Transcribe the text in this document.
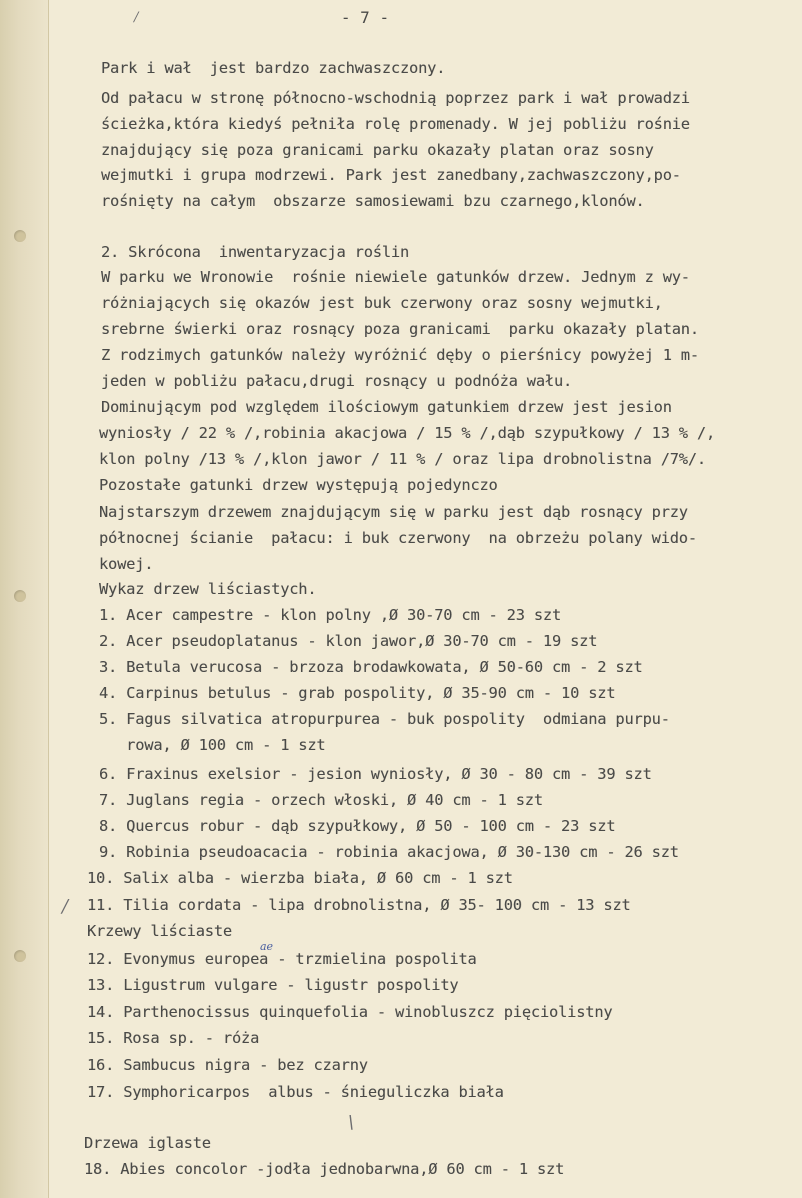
- 7 -
/
/
\
ae
Park i wał  jest bardzo zachwaszczony.
Od pałacu w stronę północno-wschodnią poprzez park i wał prowadzi
ścieżka,która kiedyś pełniła rolę promenady. W jej pobliżu rośnie
znajdujący się poza granicami parku okazały platan oraz sosny
wejmutki i grupa modrzewi. Park jest zanedbany,zachwaszczony,po-
rośnięty na całym  obszarze samosiewami bzu czarnego,klonów.
2. Skrócona  inwentaryzacja roślin
W parku we Wronowie  rośnie niewiele gatunków drzew. Jednym z wy-
różniających się okazów jest buk czerwony oraz sosny wejmutki,
srebrne świerki oraz rosnący poza granicami  parku okazały platan.
Z rodzimych gatunków należy wyróżnić dęby o pierśnicy powyżej 1 m-
jeden w pobliżu pałacu,drugi rosnący u podnóża wału.
Dominującym pod względem ilościowym gatunkiem drzew jest jesion
wyniosły / 22 % /,robinia akacjowa / 15 % /,dąb szypułkowy / 13 % /,
klon polny /13 % /,klon jawor / 11 % / oraz lipa drobnolistna /7%/.
Pozostałe gatunki drzew występują pojedynczo
Najstarszym drzewem znajdującym się w parku jest dąb rosnący przy
północnej ścianie  pałacu: i buk czerwony  na obrzeżu polany wido-
kowej.
Wykaz drzew liściastych.
1. Acer campestre - klon polny ,Ø 30-70 cm - 23 szt
2. Acer pseudoplatanus - klon jawor,Ø 30-70 cm - 19 szt
3. Betula verucosa - brzoza brodawkowata, Ø 50-60 cm - 2 szt
4. Carpinus betulus - grab pospolity, Ø 35-90 cm - 10 szt
5. Fagus silvatica atropurpurea - buk pospolity  odmiana purpu-
rowa, Ø 100 cm - 1 szt
6. Fraxinus exelsior - jesion wyniosły, Ø 30 - 80 cm - 39 szt
7. Juglans regia - orzech włoski, Ø 40 cm - 1 szt
8. Quercus robur - dąb szypułkowy, Ø 50 - 100 cm - 23 szt
9. Robinia pseudoacacia - robinia akacjowa, Ø 30-130 cm - 26 szt
10. Salix alba - wierzba biała, Ø 60 cm - 1 szt
11. Tilia cordata - lipa drobnolistna, Ø 35- 100 cm - 13 szt
Krzewy liściaste
12. Evonymus europea - trzmielina pospolita
13. Ligustrum vulgare - ligustr pospolity
14. Parthenocissus quinquefolia - winobluszcz pięciolistny
15. Rosa sp. - róża
16. Sambucus nigra - bez czarny
17. Symphoricarpos  albus - śnieguliczka biała
Drzewa iglaste
18. Abies concolor -jodła jednobarwna,Ø 60 cm - 1 szt
